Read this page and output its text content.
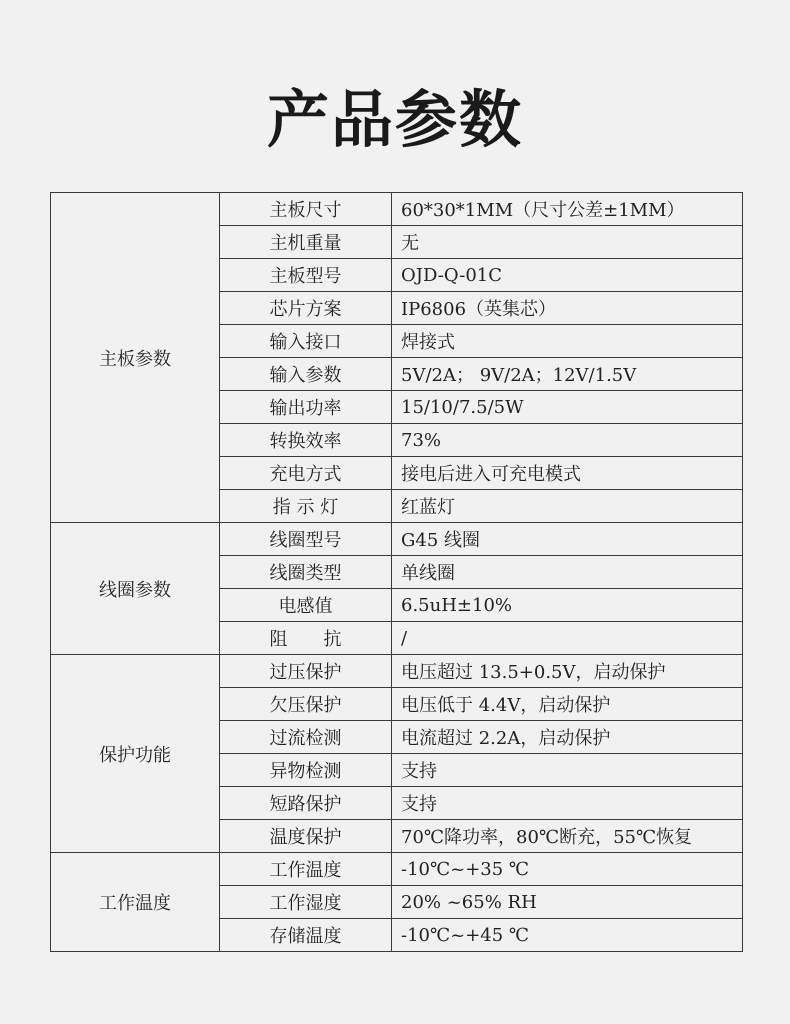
产品参数
主板参数	主板尺寸	60*30*1MM（尺寸公差±1MM）
	主机重量	无
	主板型号	OJD-Q-01C
	芯片方案	IP6806（英集芯）
	输入接口	焊接式
	输入参数	5V/2A； 9V/2A；12V/1.5V
	输出功率	15/10/7.5/5W
	转换效率	73%
	充电方式	接电后进入可充电模式
	指 示 灯	红蓝灯
线圈参数	线圈型号	G45 线圈
	线圈类型	单线圈
	电感值	6.5uH±10%
	阻　　抗	/
保护功能	过压保护	电压超过 13.5+0.5V，启动保护
	欠压保护	电压低于 4.4V，启动保护
	过流检测	电流超过 2.2A，启动保护
	异物检测	支持
	短路保护	支持
	温度保护	70℃降功率，80℃断充，55℃恢复
工作温度	工作温度	-10℃~+35 ℃
	工作湿度	20% ~65% RH
	存储温度	-10℃~+45 ℃
